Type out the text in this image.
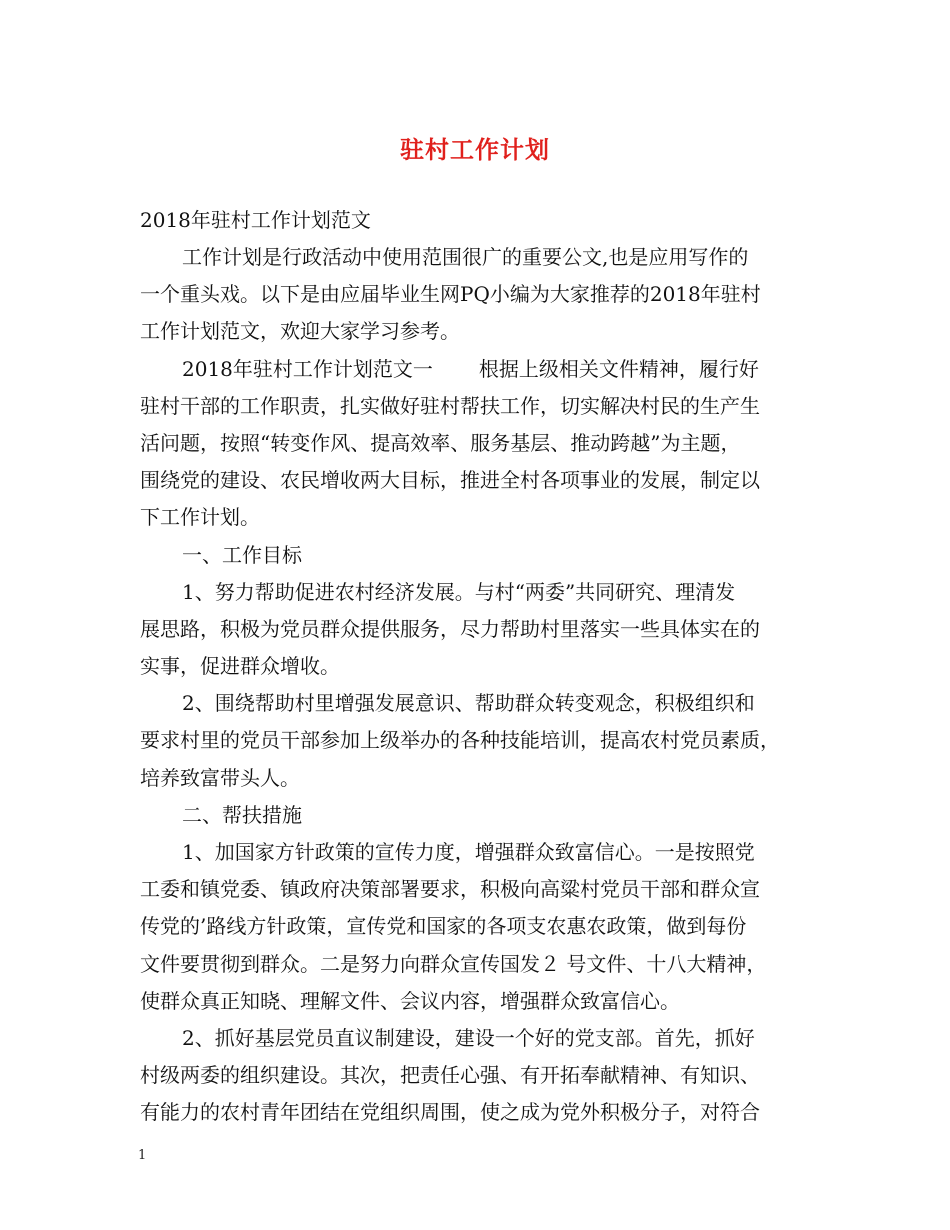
驻村工作计划
2018年驻村工作计划范文
工作计划是行政活动中使用范围很广的重要公文,也是应用写作的
一个重头戏。以下是由应届毕业生网PQ小编为大家推荐的2018年驻村
工作计划范文，欢迎大家学习参考。
2018年驻村工作计划范文一 根据上级相关文件精神，履行好
驻村干部的工作职责，扎实做好驻村帮扶工作，切实解决村民的生产生
活问题，按照“转变作风、提高效率、服务基层、推动跨越”为主题，
围绕党的建设、农民增收两大目标，推进全村各项事业的发展，制定以
下工作计划。
一、工作目标
1、努力帮助促进农村经济发展。与村“两委”共同研究、理清发
展思路，积极为党员群众提供服务，尽力帮助村里落实一些具体实在的
实事，促进群众增收。
2、围绕帮助村里增强发展意识、帮助群众转变观念，积极组织和
要求村里的党员干部参加上级举办的各种技能培训，提高农村党员素质，
培养致富带头人。
二、帮扶措施
1、加国家方针政策的宣传力度，增强群众致富信心。一是按照党
工委和镇党委、镇政府决策部署要求，积极向高粱村党员干部和群众宣
传党的’路线方针政策，宣传党和国家的各项支农惠农政策，做到每份
文件要贯彻到群众。二是努力向群众宣传国发２ 号文件、十八大精神，
使群众真正知晓、理解文件、会议内容，增强群众致富信心。
2、抓好基层党员直议制建设，建设一个好的党支部。首先，抓好
村级两委的组织建设。其次，把责任心强、有开拓奉献精神、有知识、
有能力的农村青年团结在党组织周围，使之成为党外积极分子，对符合
1
